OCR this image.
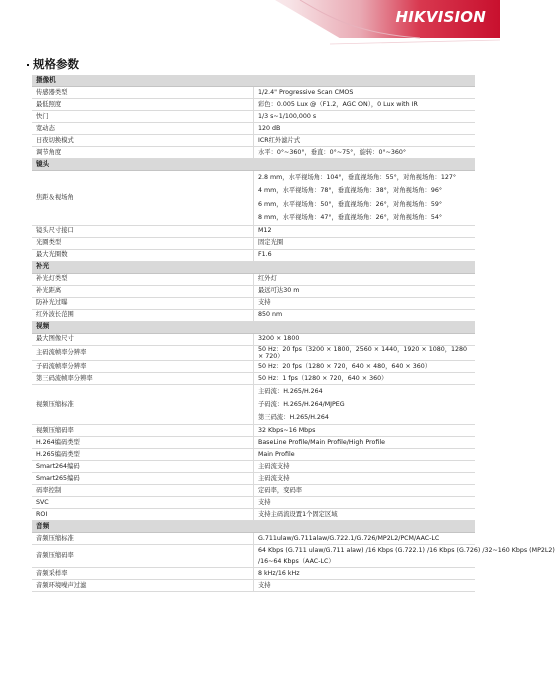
HIKVISION
规格参数
摄像机	
传感器类型	1/2.4" Progressive Scan CMOS
最低照度	彩色：0.005 Lux @（F1.2，AGC ON），0 Lux with IR
快门	1/3 s~1/100,000 s
宽动态	120 dB
日夜切换模式	ICR红外滤片式
调节角度	水平：0°~360°，垂直：0°~75°，旋转：0°~360°
镜头	
焦距＆视场角	2.8 mm，水平视场角：104°，垂直视场角：55°，对角视场角：127°
4 mm，水平视场角：78°，垂直视场角：38°，对角视场角：96°
6 mm，水平视场角：50°，垂直视场角：26°，对角视场角：59°
8 mm，水平视场角：47°，垂直视场角：26°，对角视场角：54°

镜头尺寸接口	M12
光圈类型	固定光圈
最大光圈数	F1.6
补光	
补光灯类型	红外灯
补光距离	最远可达30 m
防补光过曝	支持
红外波长范围	850 nm
视频	
最大图像尺寸	3200 × 1800
主码流帧率分辨率	50 Hz：20 fps（3200 × 1800，2560 × 1440，1920 × 1080，1280 × 720）
子码流帧率分辨率	50 Hz：20 fps（1280 × 720，640 × 480，640 × 360）
第三码流帧率分辨率	50 Hz：1 fps（1280 × 720，640 × 360）
视频压缩标准	主码流：H.265/H.264
子码流：H.265/H.264/MJPEG
第三码流：H.265/H.264

视频压缩码率	32 Kbps~16 Mbps
H.264编码类型	BaseLine Profile/Main Profile/High Profile
H.265编码类型	Main Profile
Smart264编码	主码流支持
Smart265编码	主码流支持
码率控制	定码率，变码率
SVC	支持
ROI	支持主码流设置1个固定区域
音频	
音频压缩标准	G.711ulaw/G.711alaw/G.722.1/G.726/MP2L2/PCM/AAC-LC
音频压缩码率	64 Kbps (G.711 ulaw/G.711 alaw) /16 Kbps (G.722.1) /16 Kbps (G.726) /32~160 Kbps (MP2L2)
/16~64 Kbps（AAC-LC）

音频采样率	8 kHz/16 kHz
音频环境噪声过滤	支持
